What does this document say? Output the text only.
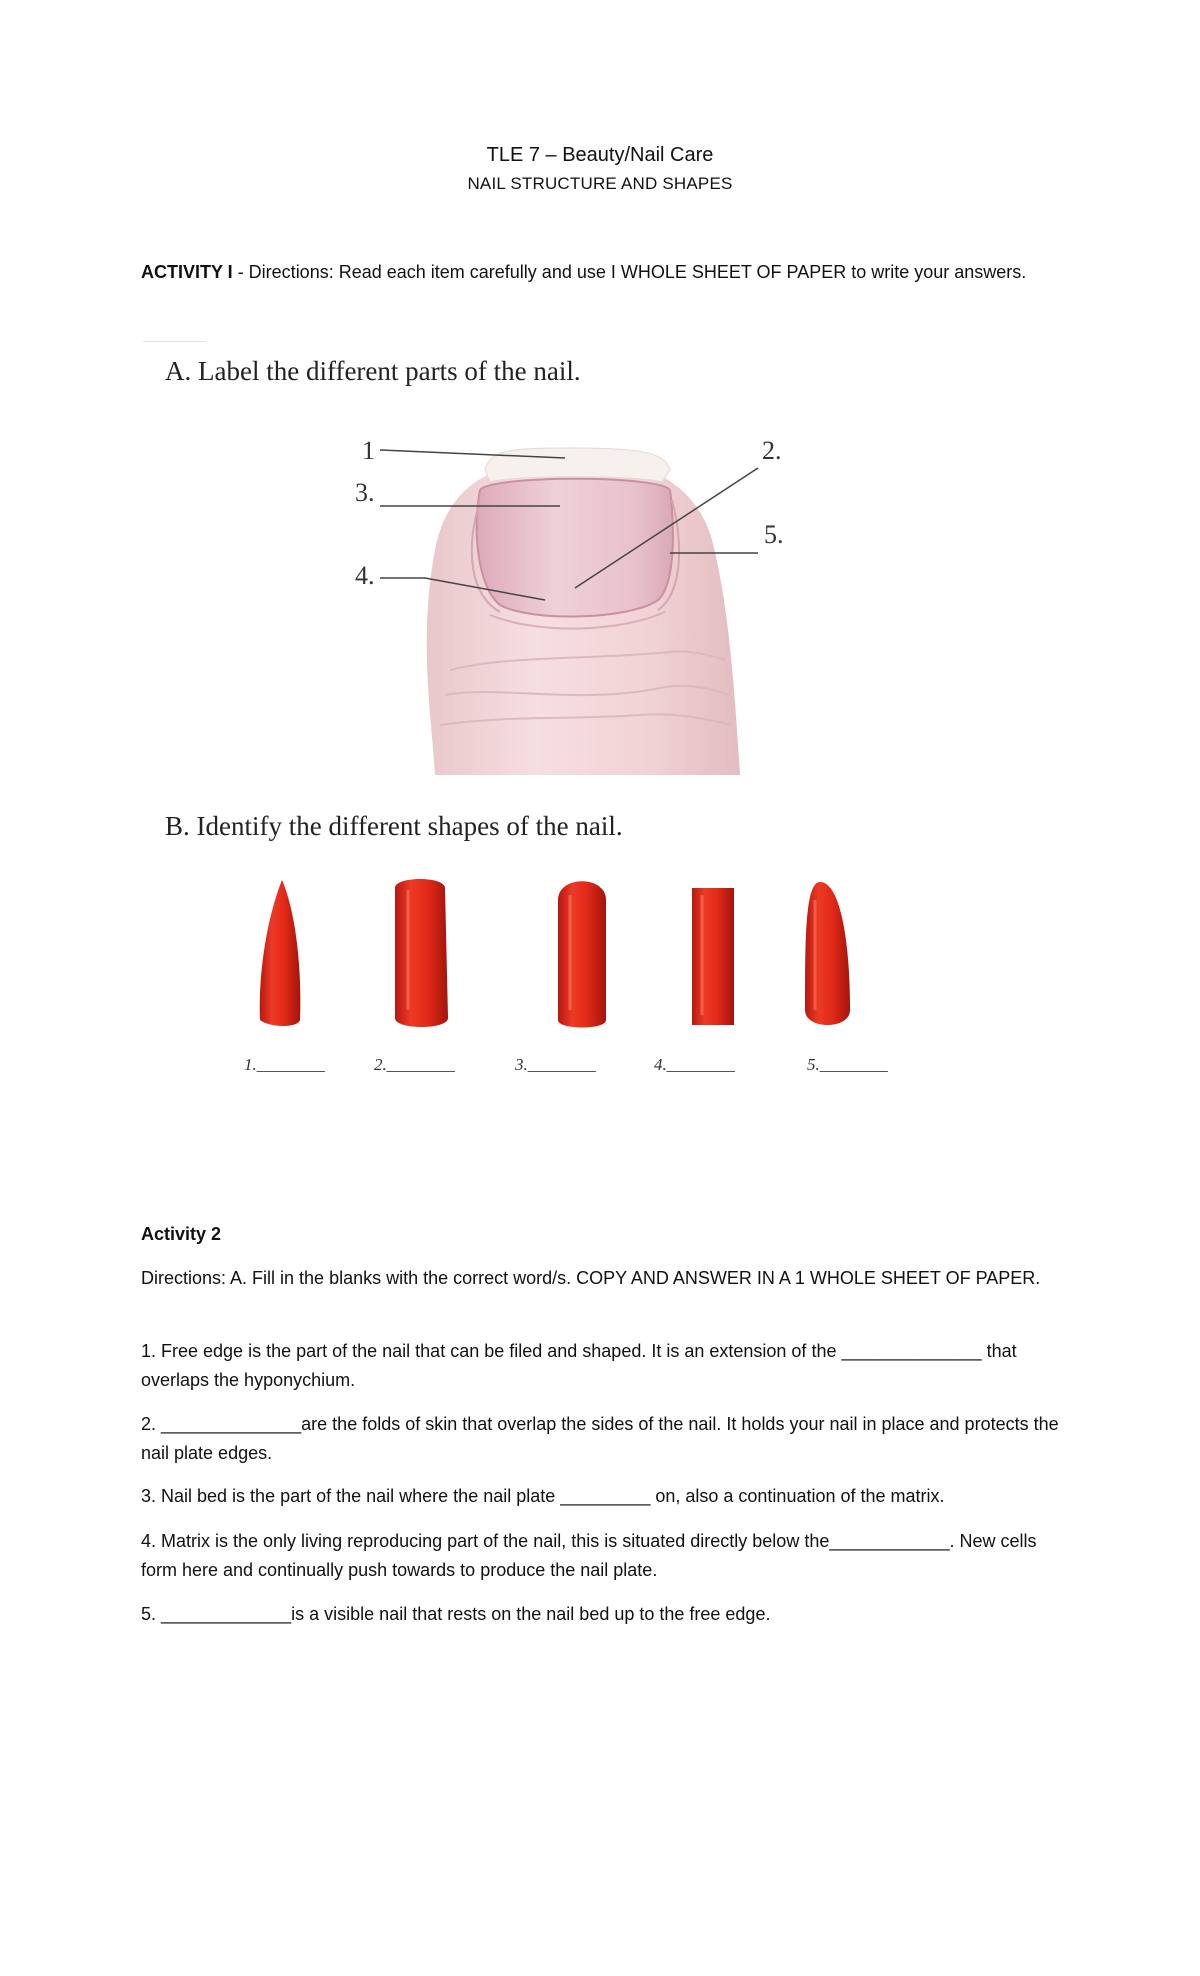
TLE 7 – Beauty/Nail Care
NAIL STRUCTURE AND SHAPES
ACTIVITY I - Directions: Read each item carefully and use I WHOLE SHEET OF PAPER to write your answers.
A. Label the different parts of the nail.
1	2.
3.
4.
5.
B. Identify the different shapes of the nail.
1.________	2.________	3.________	4.________	5.________
Activity 2
Directions: A. Fill in the blanks with the correct word/s. COPY AND ANSWER IN A 1 WHOLE SHEET OF PAPER.
1. Free edge is the part of the nail that can be filed and shaped. It is an extension of the ______________ that overlaps the hyponychium.
2. ______________are the folds of skin that overlap the sides of the nail. It holds your nail in place and protects the nail plate edges.
3. Nail bed is the part of the nail where the nail plate _________ on, also a continuation of the matrix.
4. Matrix is the only living reproducing part of the nail, this is situated directly below the____________. New cells form here and continually push towards to produce the nail plate.
5. _____________is a visible nail that rests on the nail bed up to the free edge.
